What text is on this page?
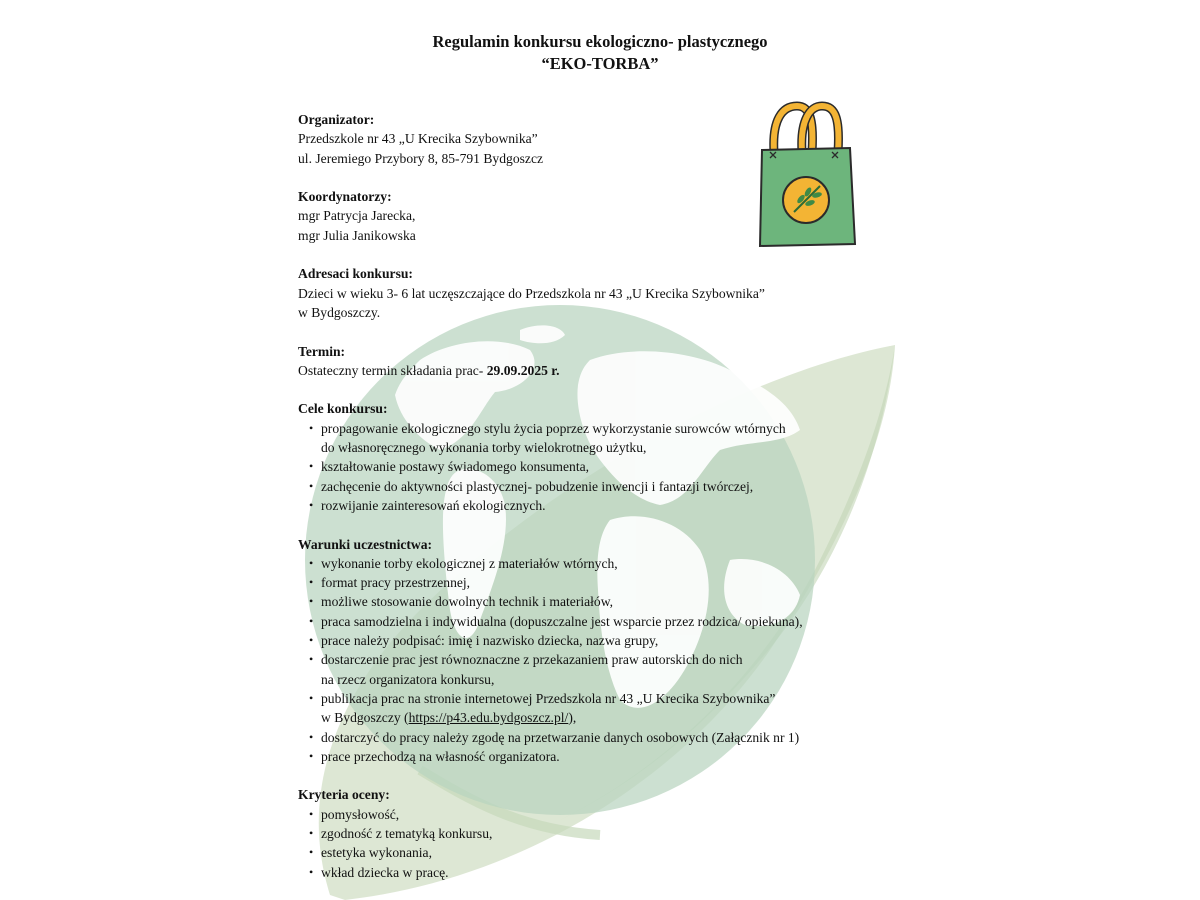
Regulamin konkursu ekologiczno- plastycznego
“EKO-TORBA”
Organizator:
Przedszkole nr 43 „U Krecika Szybownika”
ul. Jeremiego Przybory 8, 85-791 Bydgoszcz
Koordynatorzy:
mgr Patrycja Jarecka,
mgr Julia Janikowska
Adresaci konkursu:
Dzieci w wieku 3- 6 lat uczęszczające do Przedszkola nr 43 „U Krecika Szybownika”
w Bydgoszczy.
Termin:
Ostateczny termin składania prac- 29.09.2025 r.
Cele konkursu:
• propagowanie ekologicznego stylu życia poprzez wykorzystanie surowców wtórnych
do własnoręcznego wykonania torby wielokrotnego użytku,
• kształtowanie postawy świadomego konsumenta,
• zachęcenie do aktywności plastycznej- pobudzenie inwencji i fantazji twórczej,
• rozwijanie zainteresowań ekologicznych.
Warunki uczestnictwa:
• wykonanie torby ekologicznej z materiałów wtórnych,
• format pracy przestrzennej,
• możliwe stosowanie dowolnych technik i materiałów,
• praca samodzielna i indywidualna (dopuszczalne jest wsparcie przez rodzica/ opiekuna),
• prace należy podpisać: imię i nazwisko dziecka, nazwa grupy,
• dostarczenie prac jest równoznaczne z przekazaniem praw autorskich do nich
na rzecz organizatora konkursu,
• publikacja prac na stronie internetowej Przedszkola nr 43 „U Krecika Szybownika”
w Bydgoszczy (https://p43.edu.bydgoszcz.pl/),
• dostarczyć do pracy należy zgodę na przetwarzanie danych osobowych (Załącznik nr 1)
• prace przechodzą na własność organizatora.
Kryteria oceny:
• pomysłowość,
• zgodność z tematyką konkursu,
• estetyka wykonania,
• wkład dziecka w pracę.
